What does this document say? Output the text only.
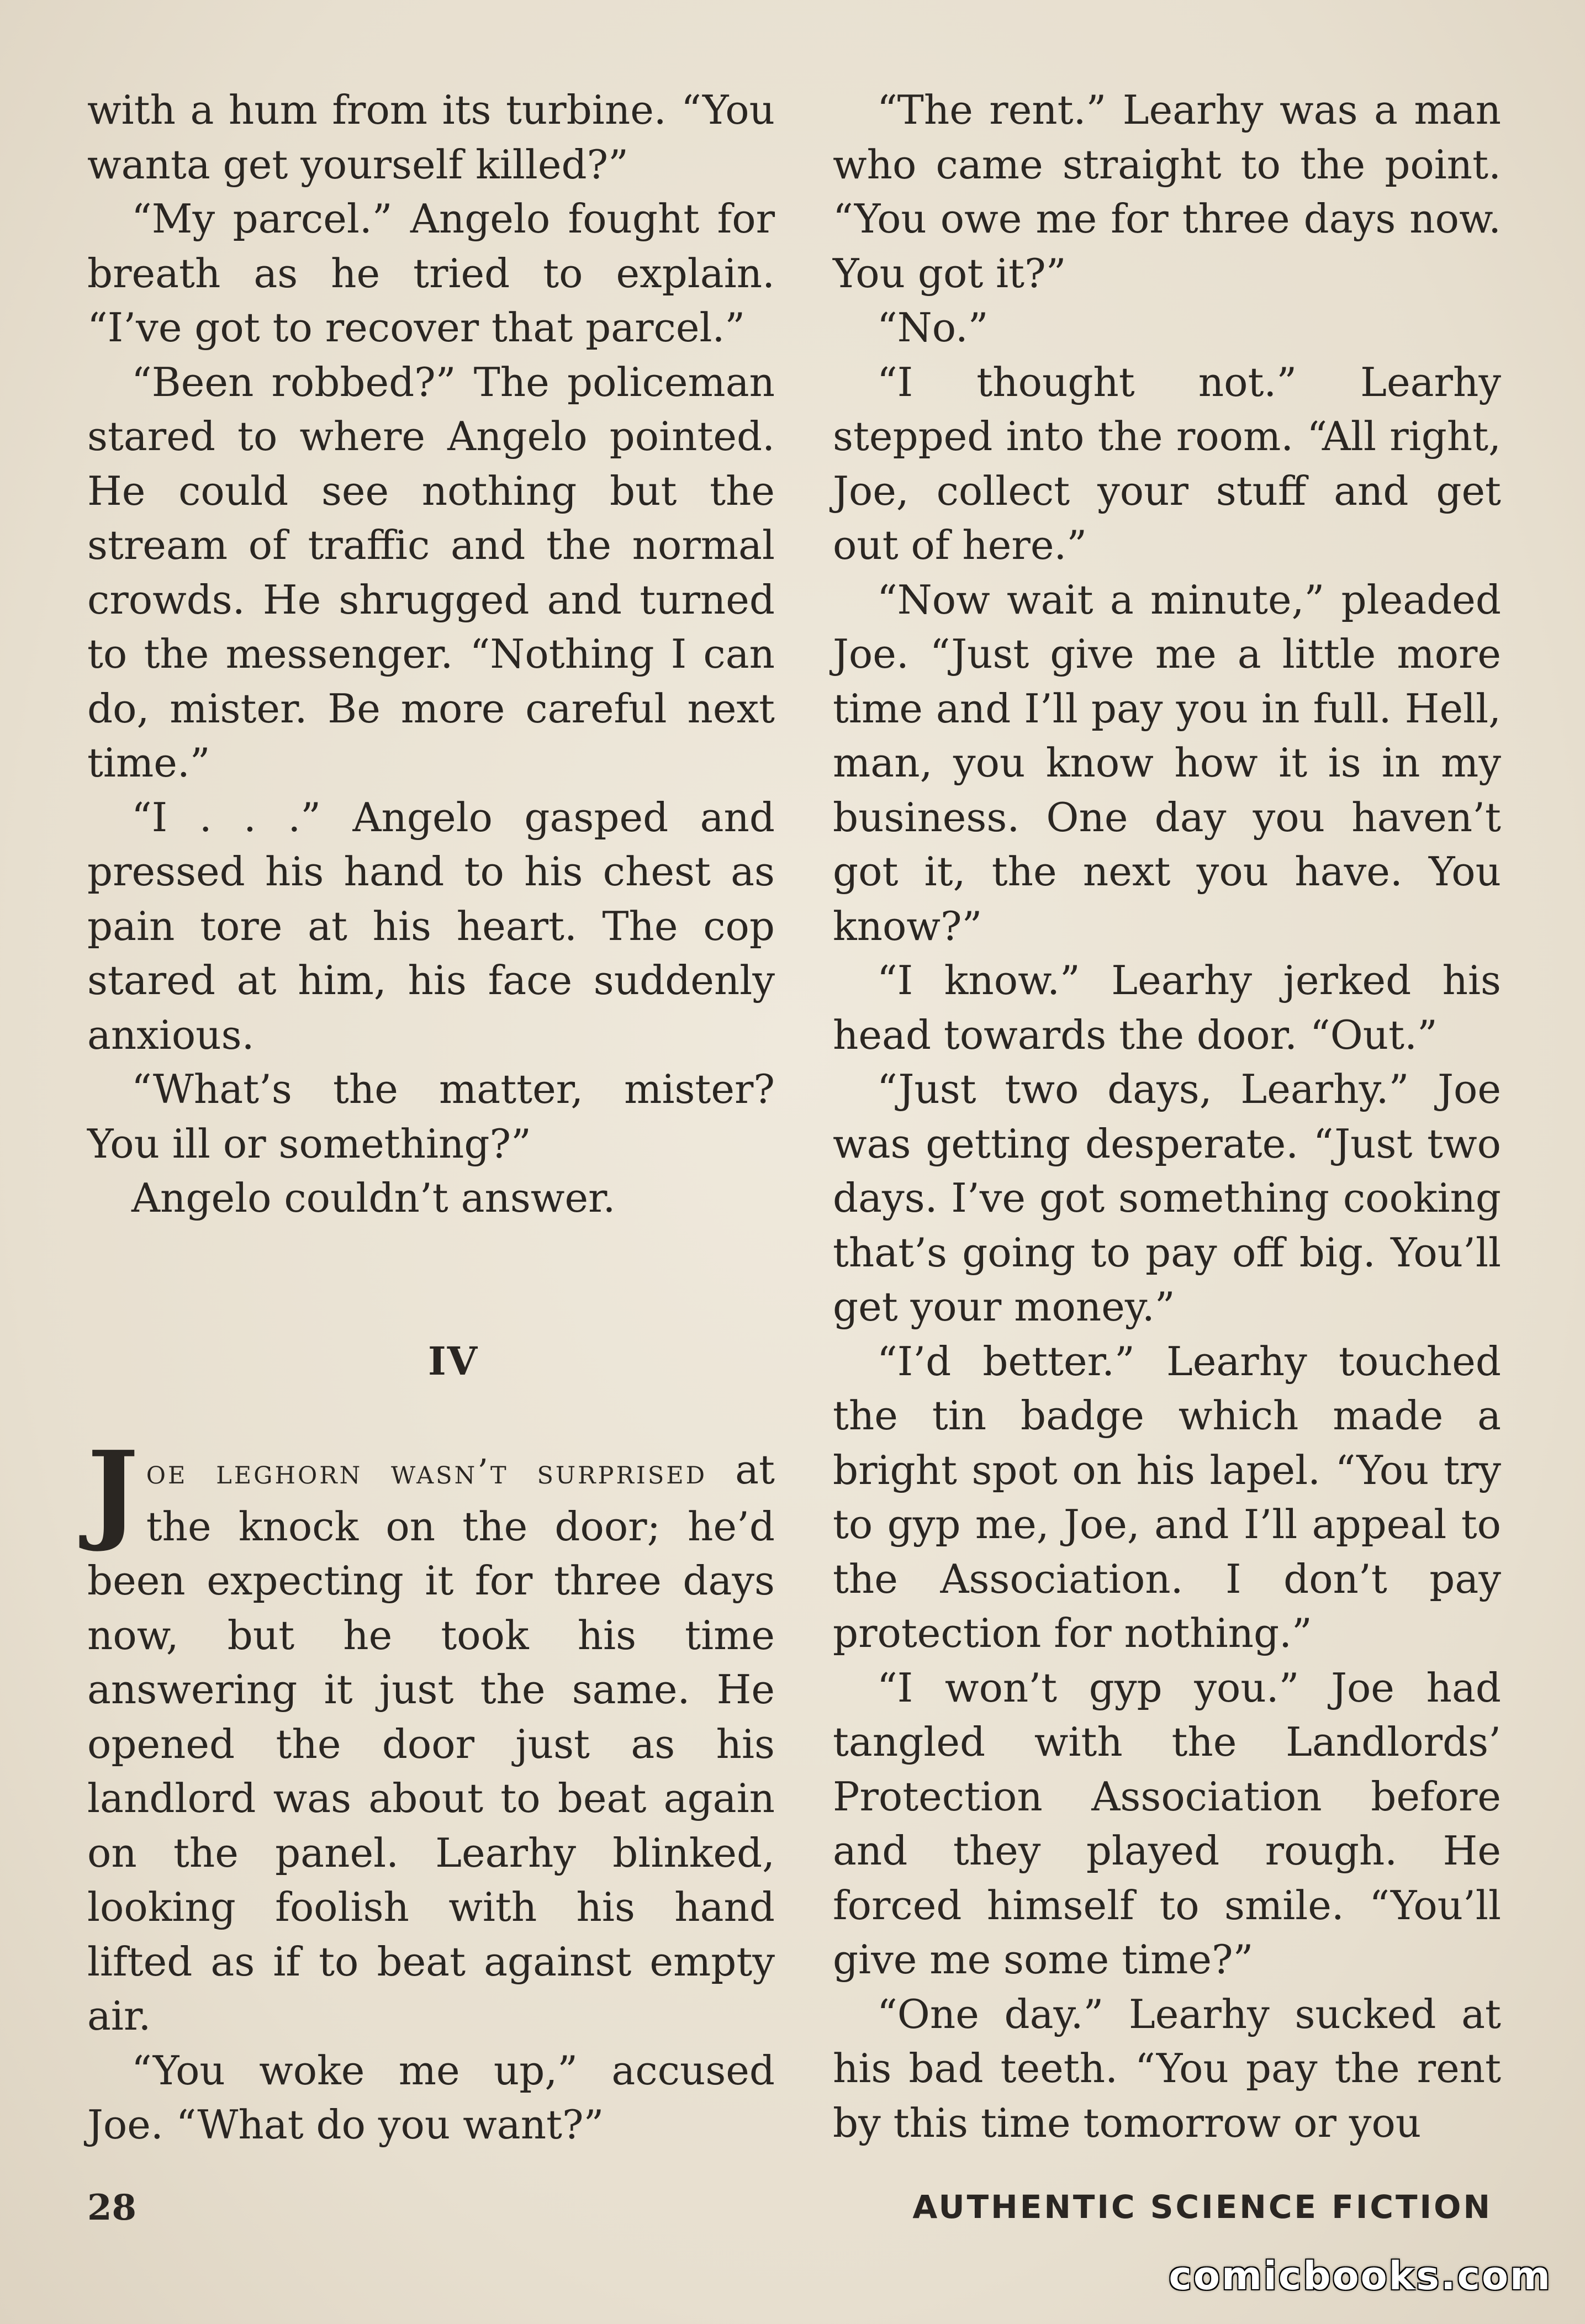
with a hum from its turbine. “You wanta get yourself killed?”

“My parcel.” Angelo fought for breath as he tried to explain. “I’ve got to recover that parcel.”

“Been robbed?” The policeman stared to where Angelo pointed. He could see nothing but the stream of traffic and the normal crowds. He shrugged and turned to the messenger. “Nothing I can do, mister. Be more careful next time.”

“I . . .” Angelo gasped and pressed his hand to his chest as pain tore at his heart. The cop stared at him, his face suddenly anxious.

“What’s the matter, mister? You ill or something?”

Angelo couldn’t answer.

IV

Joe leghorn wasn’t surprised at the knock on the door; he’d been expecting it for three days now, but he took his time answering it just the same. He opened the door just as his landlord was about to beat again on the panel. Learhy blinked, looking foolish with his hand lifted as if to beat against empty air.

“You woke me up,” accused Joe. “What do you want?”

“The rent.” Learhy was a man who came straight to the point. “You owe me for three days now. You got it?”

“No.”

“I thought not.” Learhy stepped into the room. “All right, Joe, collect your stuff and get out of here.”

“Now wait a minute,” pleaded Joe. “Just give me a little more time and I’ll pay you in full. Hell, man, you know how it is in my business. One day you haven’t got it, the next you have. You know?”

“I know.” Learhy jerked his head towards the door. “Out.”

“Just two days, Learhy.” Joe was getting desperate. “Just two days. I’ve got something cooking that’s going to pay off big. You’ll get your money.”

“I’d better.” Learhy touched the tin badge which made a bright spot on his lapel. “You try to gyp me, Joe, and I’ll appeal to the Association. I don’t pay protection for nothing.”

“I won’t gyp you.” Joe had tangled with the Landlords’ Protection Association before and they played rough. He forced himself to smile. “You’ll give me some time?”

“One day.” Learhy sucked at his bad teeth. “You pay the rent by this time tomorrow or you

28	AUTHENTIC SCIENCE FICTION
comicbooks.com
